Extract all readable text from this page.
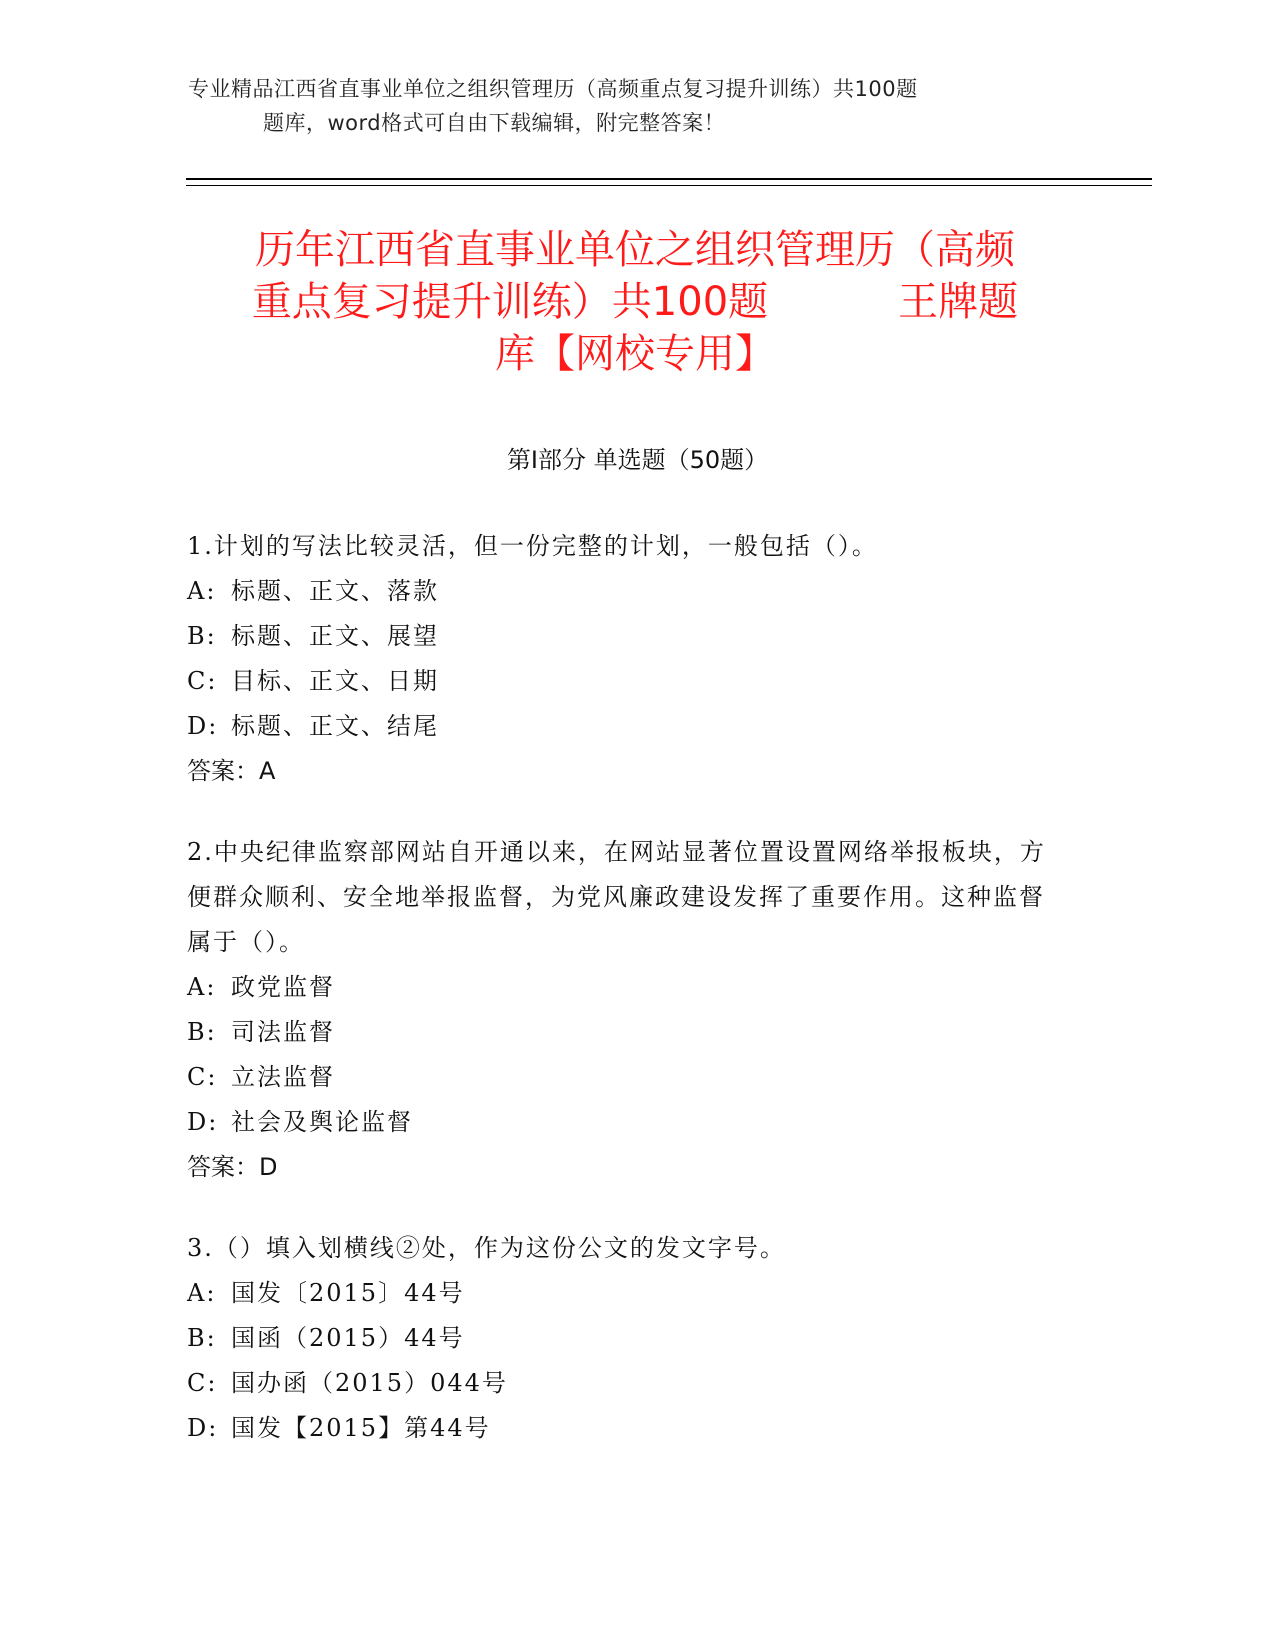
专业精品江西省直事业单位之组织管理历（高频重点复习提升训练）共100题

题库，word格式可自由下载编辑，附完整答案！
历年江西省直事业单位之组织管理历（高频
重点复习提升训练）共100题	王牌题
库【网校专用】
第Ⅰ部分 单选题（50题）
1.计划的写法比较灵活，但一份完整的计划，一般包括（）。
A: 标题、正文、落款
B: 标题、正文、展望
C: 目标、正文、日期
D: 标题、正文、结尾
答案：A
2.中央纪律监察部网站自开通以来，在网站显著位置设置网络举报板块，方便群众顺利、安全地举报监督，为党风廉政建设发挥了重要作用。这种监督属于（）。
A: 政党监督
B: 司法监督
C: 立法监督
D: 社会及舆论监督
答案：D
3.（）填入划横线②处，作为这份公文的发文字号。
A: 国发〔2015〕44号
B: 国函（2015）44号
C: 国办函（2015）044号
D: 国发【2015】第44号
